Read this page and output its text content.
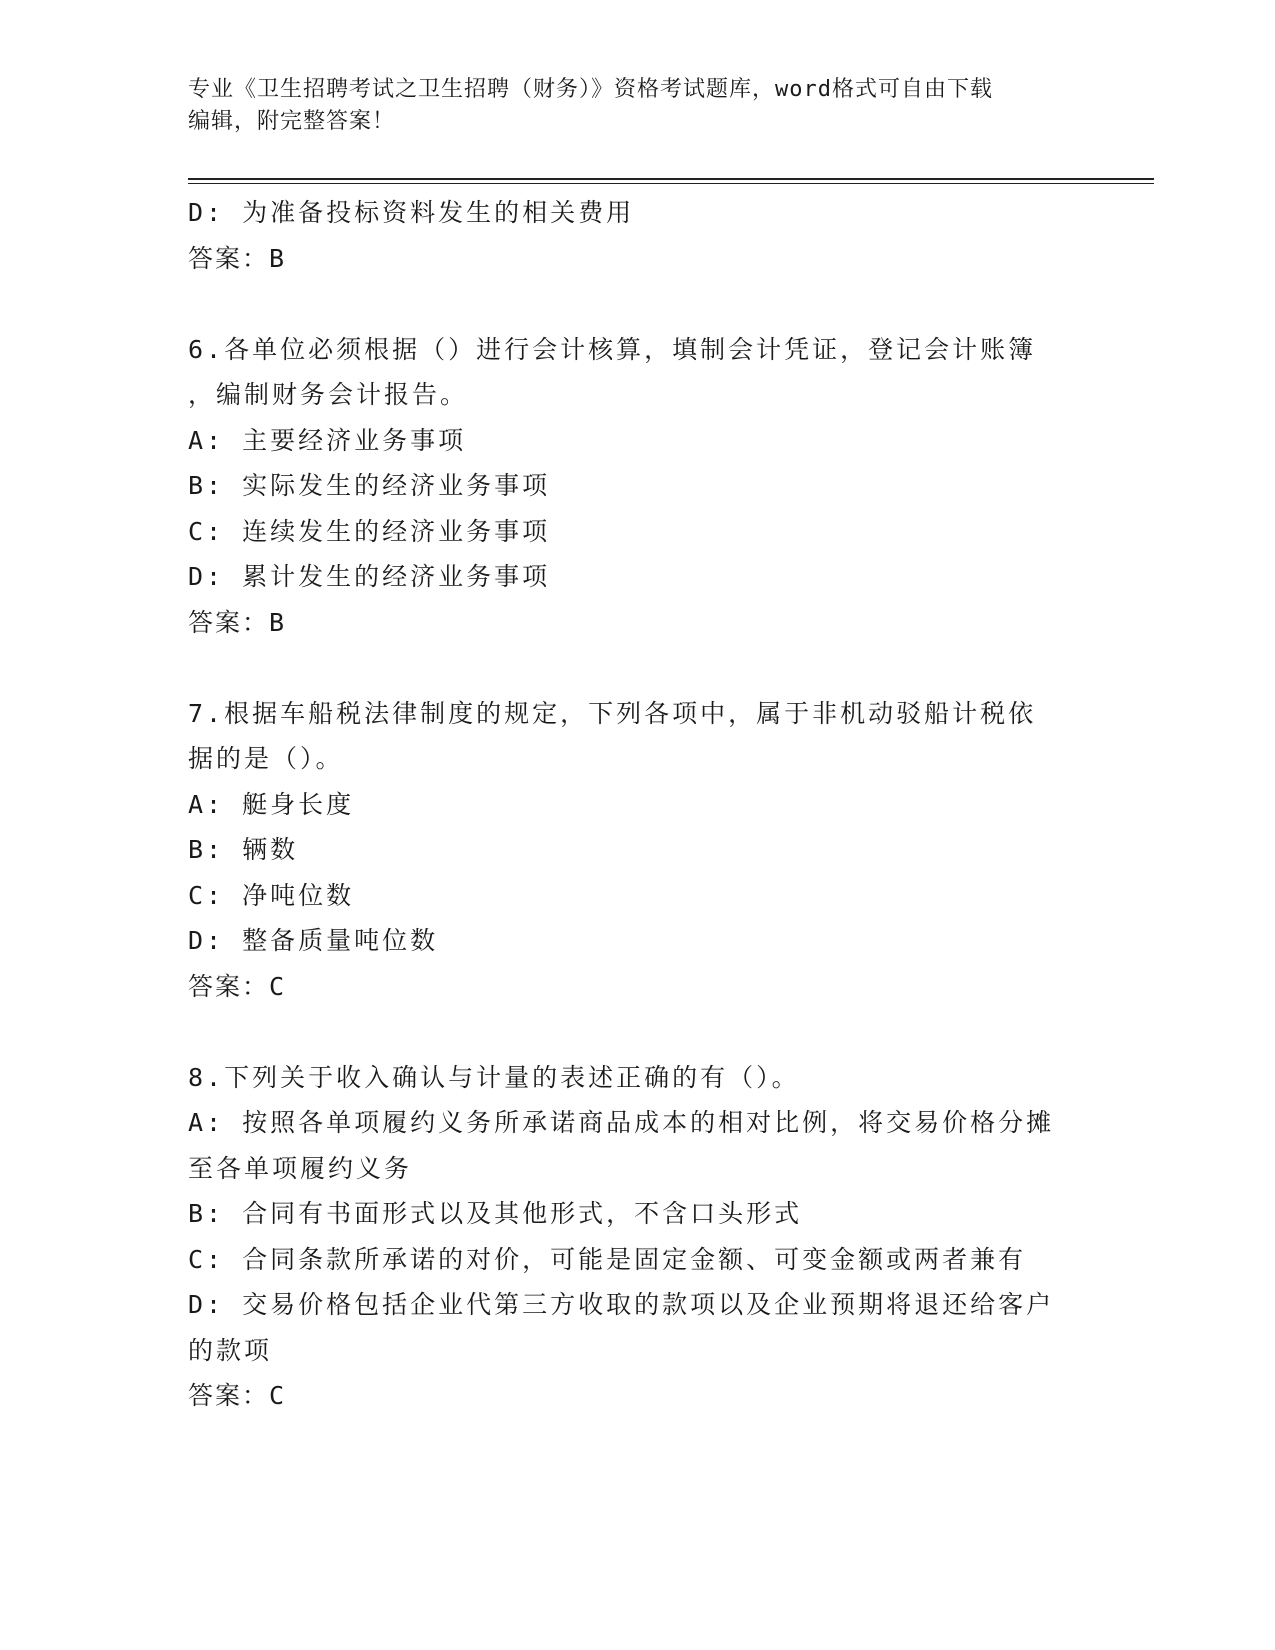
专业《卫生招聘考试之卫生招聘（财务）》资格考试题库，word格式可自由下载
编辑，附完整答案！
D: 为准备投标资料发生的相关费用
答案：B
6.各单位必须根据（）进行会计核算，填制会计凭证，登记会计账簿
，编制财务会计报告。
A: 主要经济业务事项
B: 实际发生的经济业务事项
C: 连续发生的经济业务事项
D: 累计发生的经济业务事项
答案：B
7.根据车船税法律制度的规定，下列各项中，属于非机动驳船计税依
据的是（）。
A: 艇身长度
B: 辆数
C: 净吨位数
D: 整备质量吨位数
答案：C
8.下列关于收入确认与计量的表述正确的有（）。
A: 按照各单项履约义务所承诺商品成本的相对比例，将交易价格分摊
至各单项履约义务
B: 合同有书面形式以及其他形式，不含口头形式
C: 合同条款所承诺的对价，可能是固定金额、可变金额或两者兼有
D: 交易价格包括企业代第三方收取的款项以及企业预期将退还给客户
的款项
答案：C
